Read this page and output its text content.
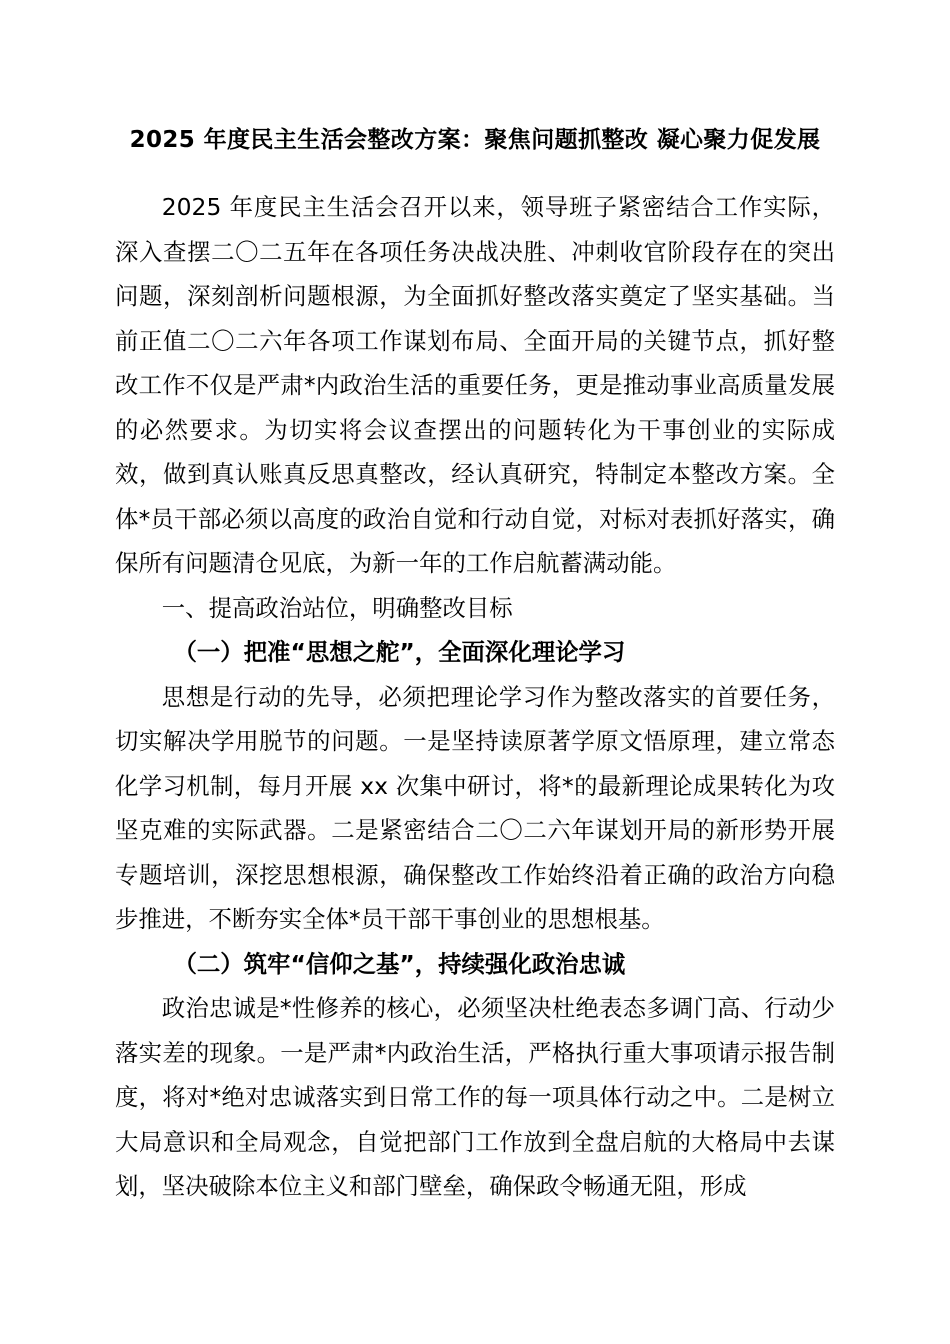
2025 年度民主生活会整改方案：聚焦问题抓整改 凝心聚力促发展

2025 年度民主生活会召开以来，领导班子紧密结合工作实际，深入查摆二〇二五年在各项任务决战决胜、冲刺收官阶段存在的突出问题，深刻剖析问题根源，为全面抓好整改落实奠定了坚实基础。当前正值二〇二六年各项工作谋划布局、全面开局的关键节点，抓好整改工作不仅是严肃*内政治生活的重要任务，更是推动事业高质量发展的必然要求。为切实将会议查摆出的问题转化为干事创业的实际成效，做到真认账真反思真整改，经认真研究，特制定本整改方案。全体*员干部必须以高度的政治自觉和行动自觉，对标对表抓好落实，确保所有问题清仓见底，为新一年的工作启航蓄满动能。

一、提高政治站位，明确整改目标

（一）把准“思想之舵”，全面深化理论学习

思想是行动的先导，必须把理论学习作为整改落实的首要任务，切实解决学用脱节的问题。一是坚持读原著学原文悟原理，建立常态化学习机制，每月开展 xx 次集中研讨，将*的最新理论成果转化为攻坚克难的实际武器。二是紧密结合二〇二六年谋划开局的新形势开展专题培训，深挖思想根源，确保整改工作始终沿着正确的政治方向稳步推进，不断夯实全体*员干部干事创业的思想根基。

（二）筑牢“信仰之基”，持续强化政治忠诚

政治忠诚是*性修养的核心，必须坚决杜绝表态多调门高、行动少落实差的现象。一是严肃*内政治生活，严格执行重大事项请示报告制度，将对*绝对忠诚落实到日常工作的每一项具体行动之中。二是树立大局意识和全局观念，自觉把部门工作放到全盘启航的大格局中去谋划，坚决破除本位主义和部门壁垒，确保政令畅通无阻，形成
